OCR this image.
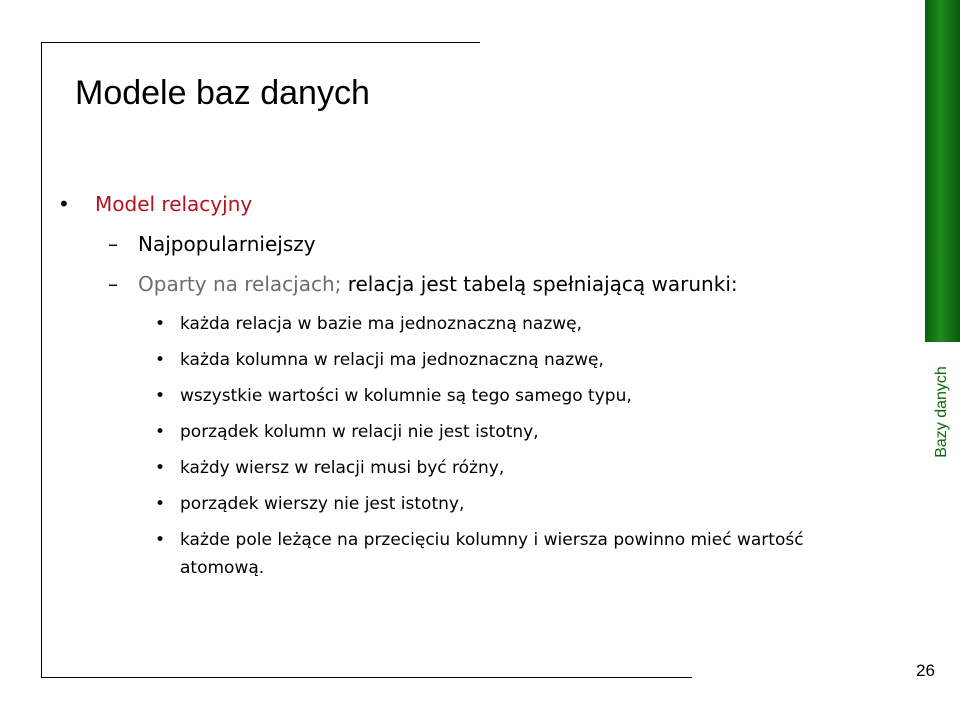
Bazy danych
Modele baz danych
•	Model relacyjny
– Najpopularniejszy
– Oparty na relacjach; relacja jest tabelą spełniającą warunki:
• każda relacja w bazie ma jednoznaczną nazwę,
• każda kolumna w relacji ma jednoznaczną nazwę,
• wszystkie wartości w kolumnie są tego samego typu,
• porządek kolumn w relacji nie jest istotny,
• każdy wiersz w relacji musi być różny,
• porządek wierszy nie jest istotny,
• każde pole leżące na przecięciu kolumny i wiersza powinno mieć wartość atomową.
26
